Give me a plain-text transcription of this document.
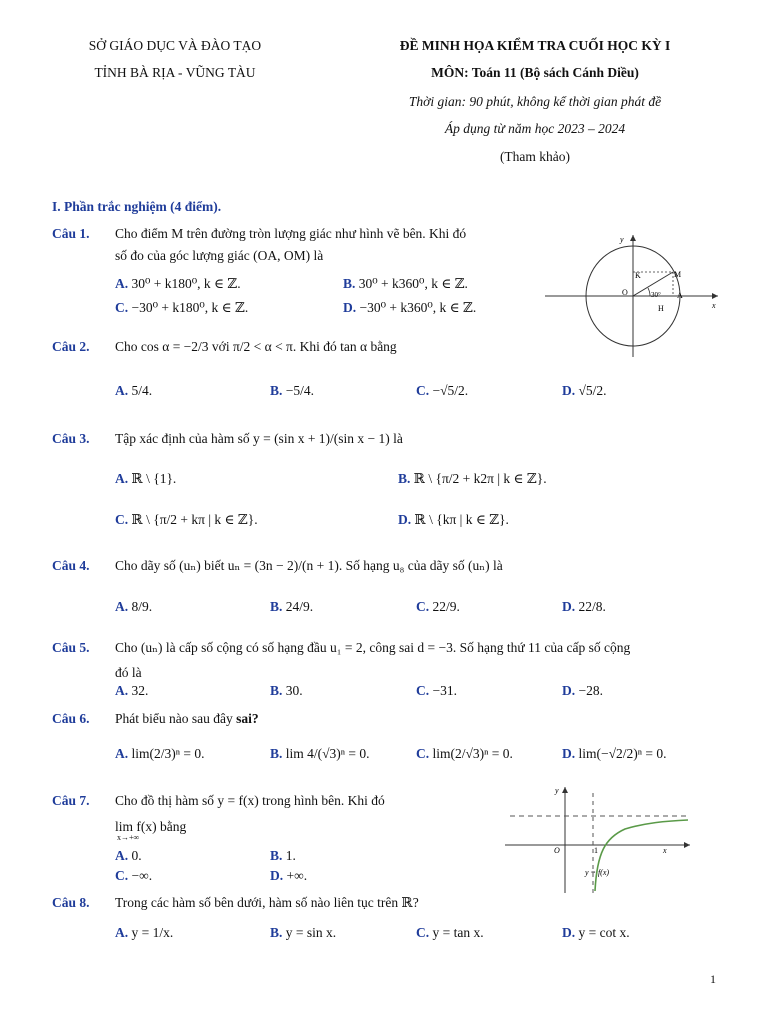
SỞ GIÁO DỤC VÀ ĐÀO TẠO
TỈNH BÀ RỊA - VŨNG TÀU
ĐỀ MINH HỌA KIỂM TRA CUỐI HỌC KỲ I
MÔN: Toán 11 (Bộ sách Cánh Diều)
Thời gian: 90 phút, không kể thời gian phát đề
Áp dụng từ năm học 2023 – 2024
(Tham khảo)
I. Phần trắc nghiệm (4 điểm).
Câu 1. Cho điểm M trên đường tròn lượng giác như hình vẽ bên. Khi đó
số đo của góc lượng giác (OA, OM) là
A. 30⁰ + k180⁰, k ∈ ℤ.	B. 30⁰ + k360⁰, k ∈ ℤ.
C. −30⁰ + k180⁰, k ∈ ℤ.	D. −30⁰ + k360⁰, k ∈ ℤ.
y
x
O	A
M
K
H
30°
Câu 2. Cho cos α = −2/3 với π/2 < α < π. Khi đó tan α bằng
A. 5/4.	B. −5/4.	C. −√5/2.	D. √5/2.
Câu 3. Tập xác định của hàm số y = (sin x + 1)/(sin x − 1) là
A. ℝ \ {1}.	B. ℝ \ {π/2 + k2π | k ∈ ℤ}.
C. ℝ \ {π/2 + kπ | k ∈ ℤ}.	D. ℝ \ {kπ | k ∈ ℤ}.
Câu 4. Cho dãy số (uₙ) biết uₙ = (3n − 2)/(n + 1). Số hạng u₈ của dãy số (uₙ) là
A. 8/9.	B. 24/9.	C. 22/9.	D. 22/8.
Câu 5. Cho (uₙ) là cấp số cộng có số hạng đầu u₁ = 2, công sai d = −3. Số hạng thứ 11 của cấp số cộng
đó là
A. 32.	B. 30.	C. −31.	D. −28.
Câu 6. Phát biểu nào sau đây sai?
A. lim(2/3)ⁿ = 0.	B. lim 4/(√3)ⁿ = 0.	C. lim(2/√3)ⁿ = 0.	D. lim(−√2/2)ⁿ = 0.
Câu 7. Cho đồ thị hàm số y = f(x) trong hình bên. Khi đó
lim f(x) bằng
x→+∞
A. 0.	B. 1.
C. −∞.	D. +∞.
y
x
O	1
y = f(x)
Câu 8. Trong các hàm số bên dưới, hàm số nào liên tục trên ℝ?
A. y = 1/x.	B. y = sin x.	C. y = tan x.	D. y = cot x.
1
